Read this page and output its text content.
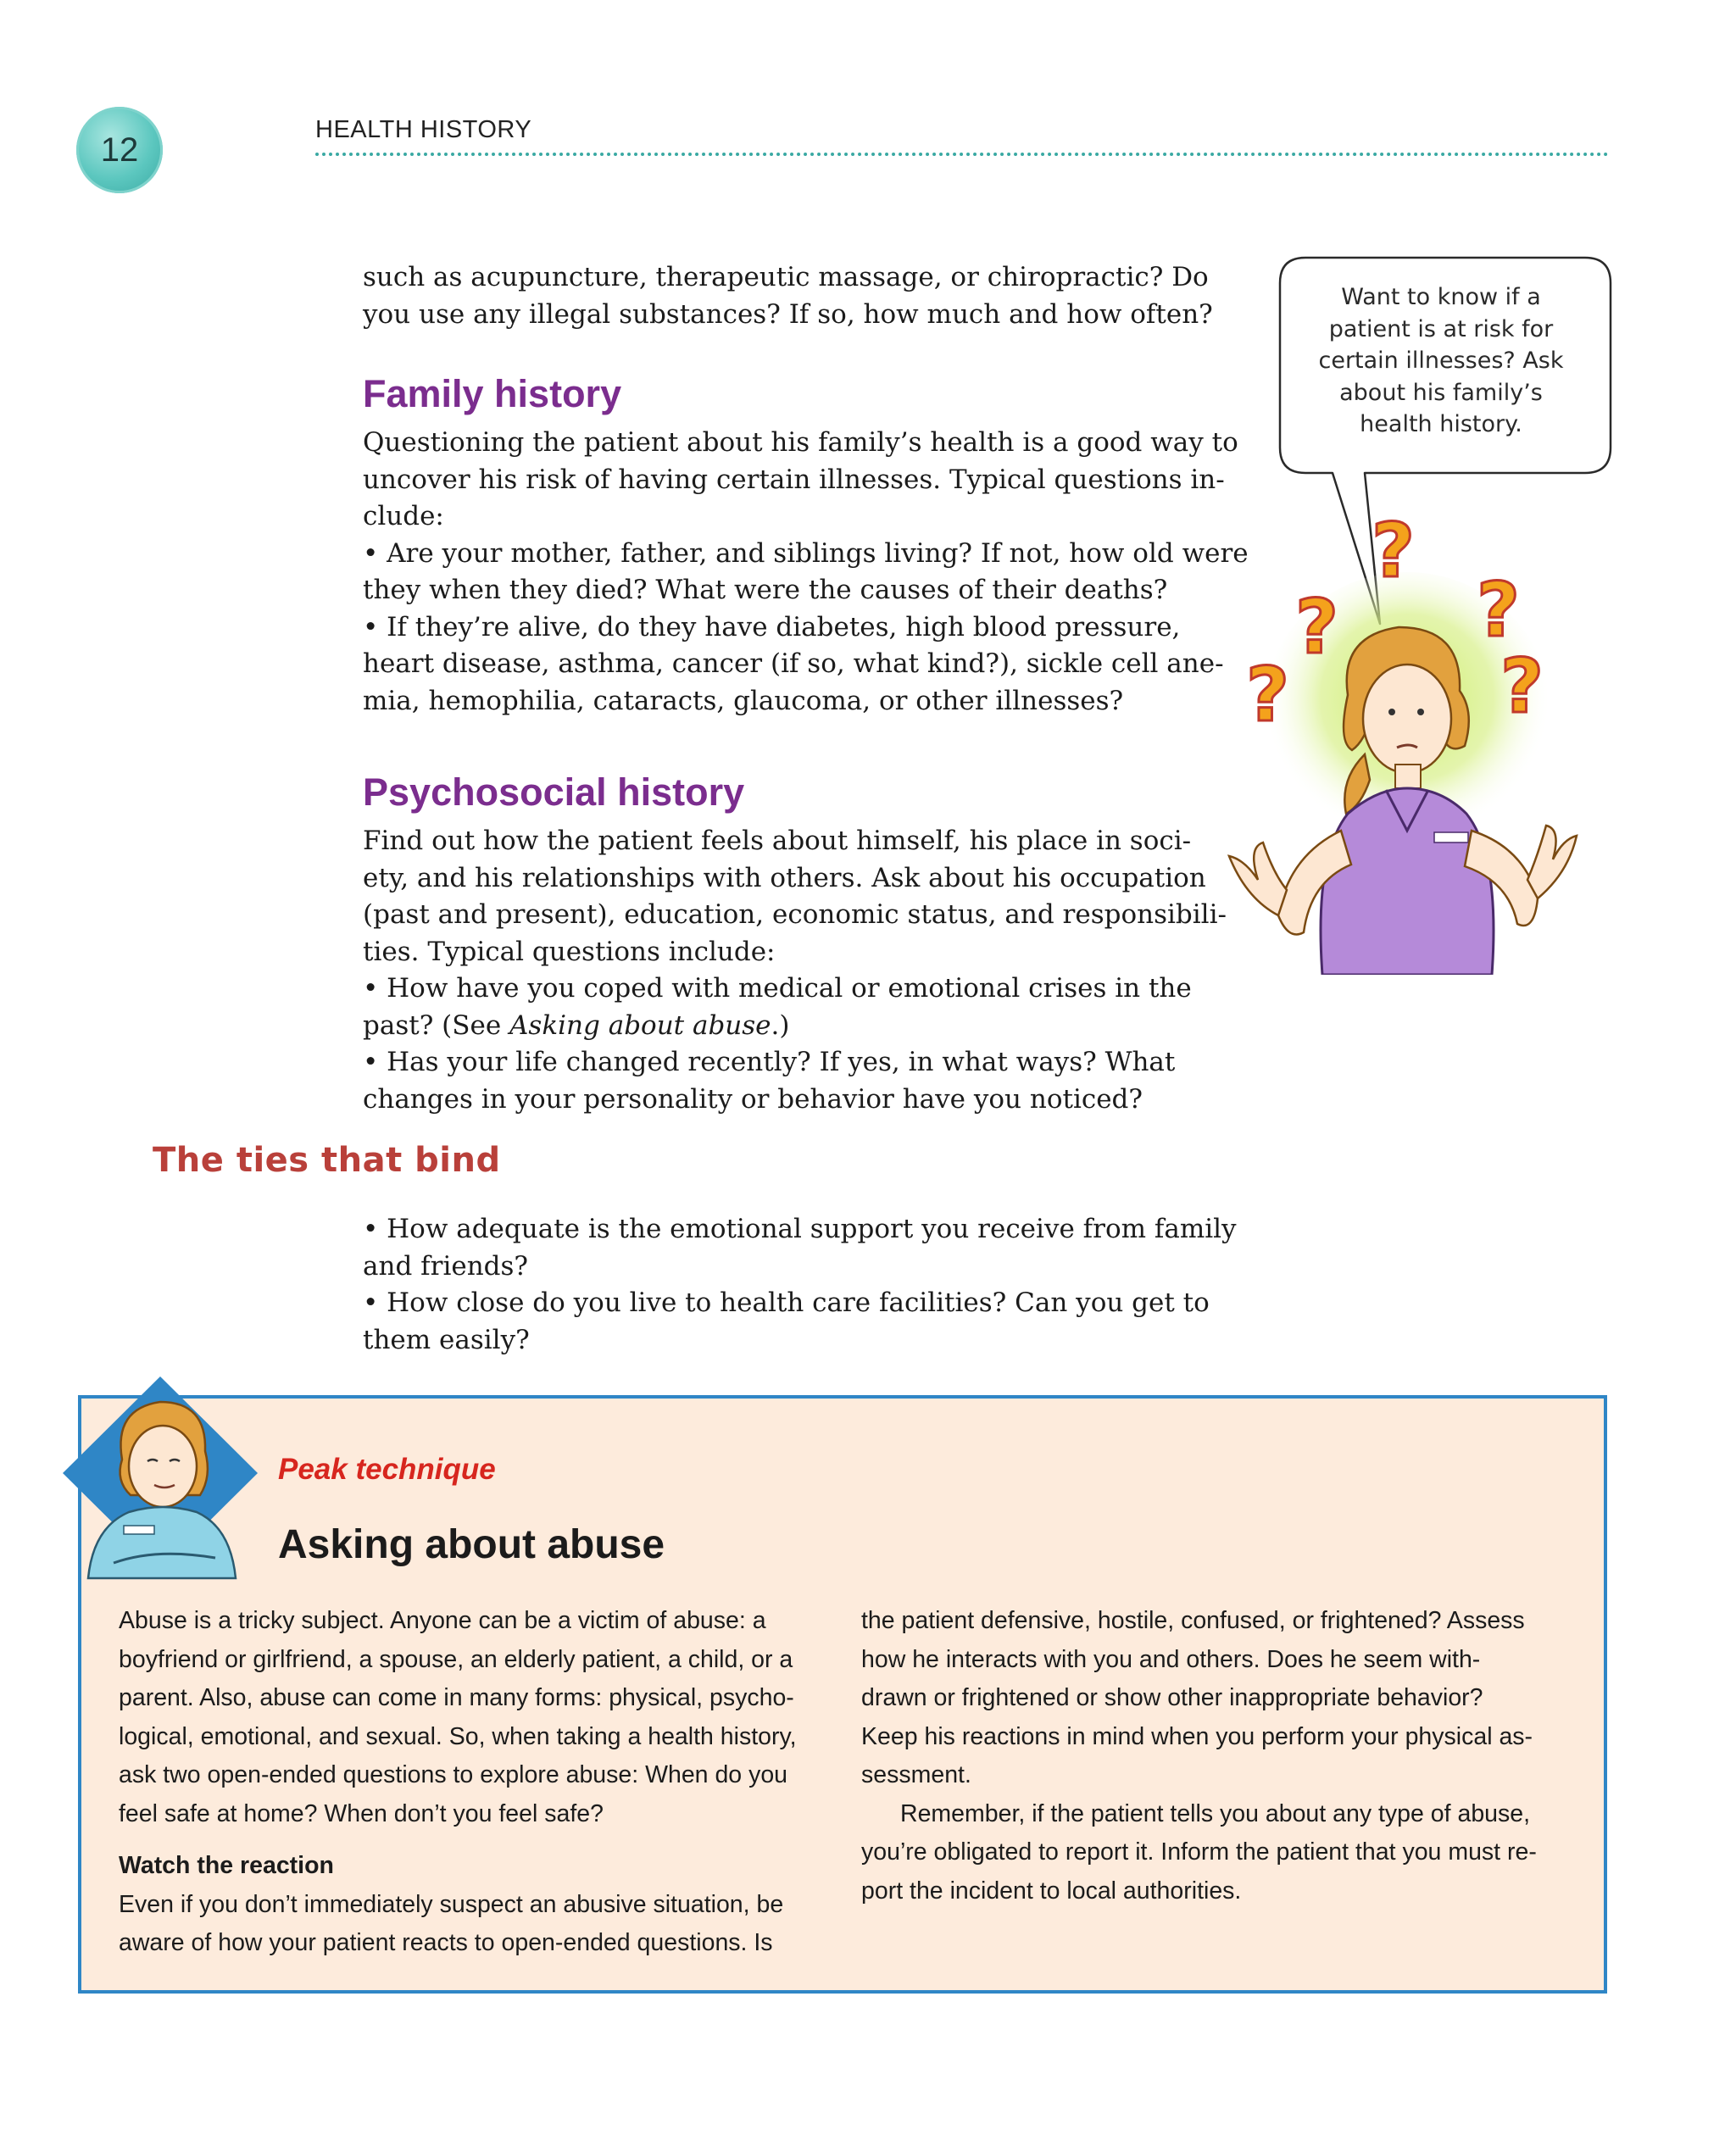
12
HEALTH HISTORY

such as acupuncture, therapeutic massage, or chiropractic? Do

you use any illegal substances? If so, how much and how often?

Family history

Questioning the patient about his family’s health is a good way to

uncover his risk of having certain illnesses. Typical questions in-

clude:

• Are your mother, father, and siblings living? If not, how old were

they when they died? What were the causes of their deaths?

• If they’re alive, do they have diabetes, high blood pressure,

heart disease, asthma, cancer (if so, what kind?), sickle cell ane-

mia, hemophilia, cataracts, glaucoma, or other illnesses?

Psychosocial history

Find out how the patient feels about himself, his place in soci-

ety, and his relationships with others. Ask about his occupation

(past and present), education, economic status, and responsibili-

ties. Typical questions include:

• How have you coped with medical or emotional crises in the

past? (See Asking about abuse.)

• Has your life changed recently? If yes, in what ways? What

changes in your personality or behavior have you noticed?

• How adequate is the emotional support you receive from family

and friends?

• How close do you live to health care facilities? Can you get to

them easily?

The ties that bind
Want to know if a
patient is at risk for
certain illnesses? Ask
about his family’s
health history.
?
? ?
?	?
Peak technique
Asking about abuse

Abuse is a tricky subject. Anyone can be a victim of abuse: a

boyfriend or girlfriend, a spouse, an elderly patient, a child, or a

parent. Also, abuse can come in many forms: physical, psycho-

logical, emotional, and sexual. So, when taking a health history,

ask two open-ended questions to explore abuse: When do you

feel safe at home? When don’t you feel safe?

Watch the reaction

Even if you don’t immediately suspect an abusive situation, be

aware of how your patient reacts to open-ended questions. Is

the patient defensive, hostile, confused, or frightened? Assess

how he interacts with you and others. Does he seem with-

drawn or frightened or show other inappropriate behavior?

Keep his reactions in mind when you perform your physical as-

sessment.

Remember, if the patient tells you about any type of abuse,

you’re obligated to report it. Inform the patient that you must re-

port the incident to local authorities.
